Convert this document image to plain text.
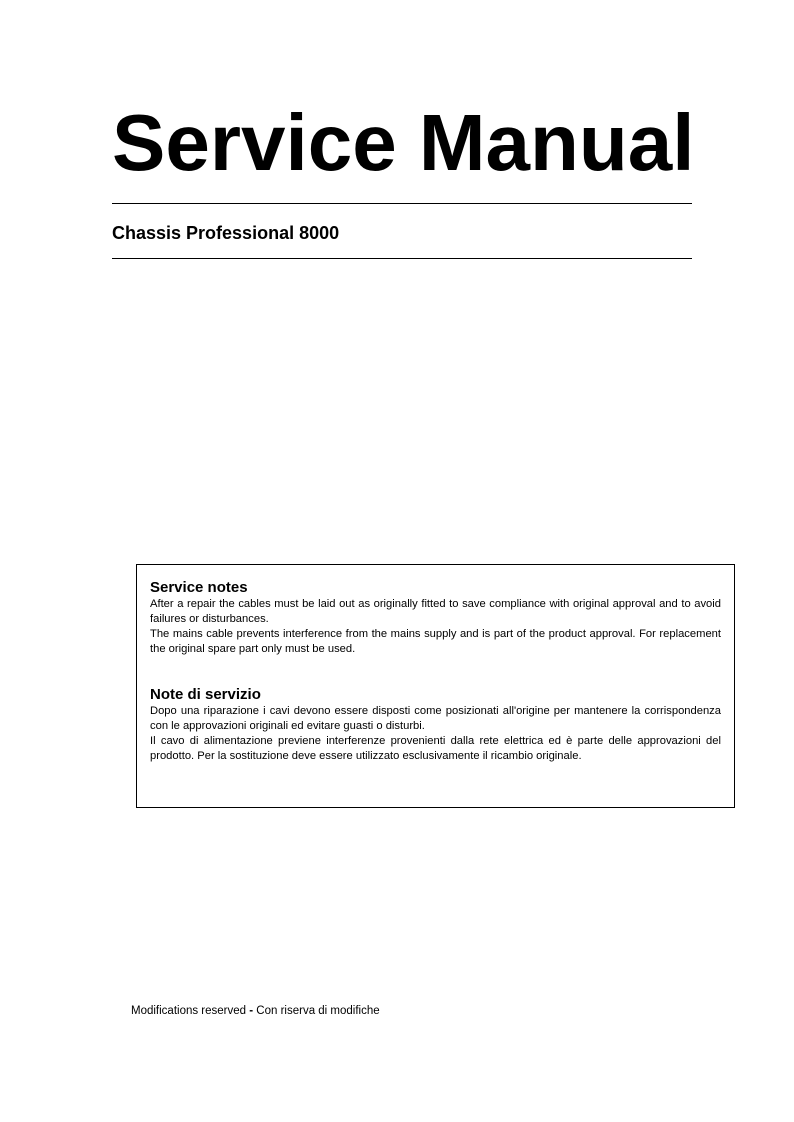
Service Manual
Chassis Professional 8000
Service notes

After a repair the cables must be laid out as originally fitted to save compliance with original approval and to avoid failures or disturbances.

The mains cable prevents interference from the mains supply and is part of the product approval. For replacement the original spare part only must be used.

Note di servizio

Dopo una riparazione i cavi devono essere disposti come posizionati all'origine per mantenere la corrispondenza con le approvazioni originali ed evitare guasti o disturbi.

Il cavo di alimentazione previene interferenze provenienti dalla rete elettrica ed è parte delle approvazioni del prodotto. Per la sostituzione deve essere utilizzato esclusivamente il ricambio originale.

Modifications reserved - Con riserva di modifiche
